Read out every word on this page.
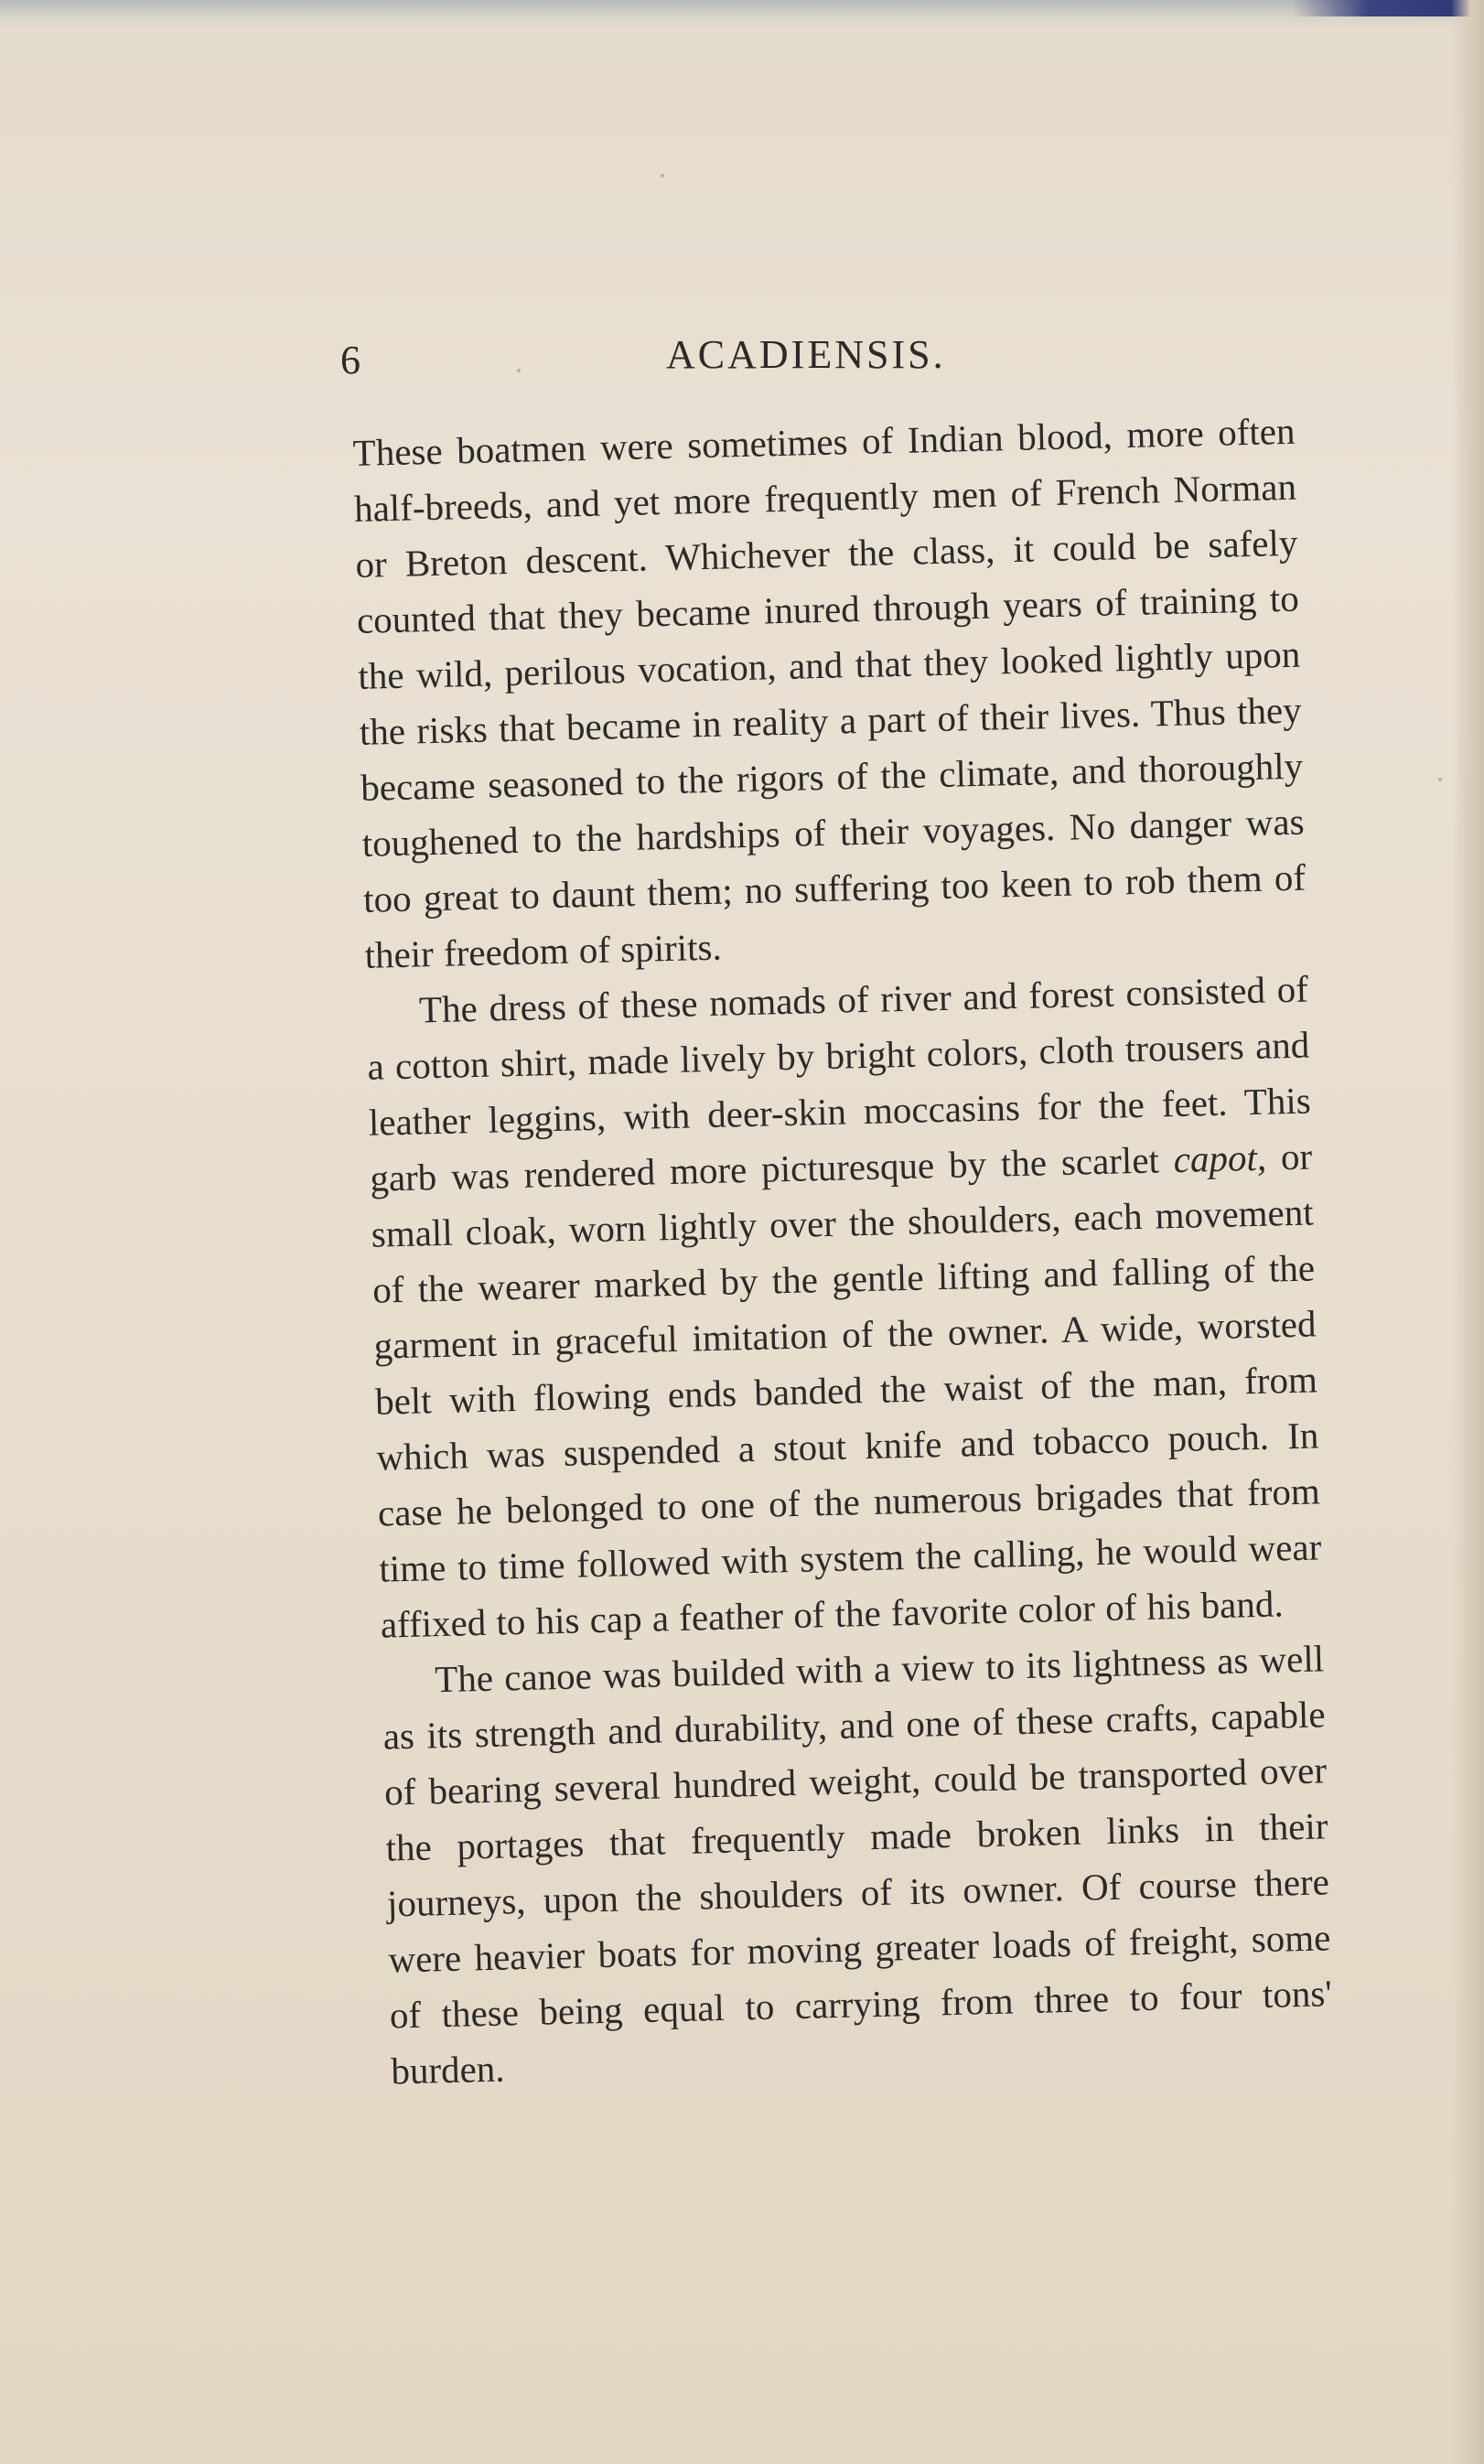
6	ACADIENSIS.

These boatmen were sometimes of Indian blood, more often half-breeds, and yet more frequently men of French Norman or Breton descent. Whichever the class, it could be safely counted that they became inured through years of training to the wild, perilous vocation, and that they looked lightly upon the risks that became in reality a part of their lives. Thus they became seasoned to the rigors of the climate, and thoroughly toughened to the hardships of their voyages. No danger was too great to daunt them; no suffering too keen to rob them of their freedom of spirits.

The dress of these nomads of river and forest consisted of a cotton shirt, made lively by bright colors, cloth trousers and leather leggins, with deer-skin moccasins for the feet. This garb was rendered more picturesque by the scarlet capot, or small cloak, worn lightly over the shoulders, each movement of the wearer marked by the gentle lifting and falling of the garment in graceful imitation of the owner. A wide, worsted belt with flowing ends banded the waist of the man, from which was suspended a stout knife and tobacco pouch. In case he belonged to one of the numerous brigades that from time to time followed with system the calling, he would wear affixed to his cap a feather of the favorite color of his band.

The canoe was builded with a view to its lightness as well as its strength and durability, and one of these crafts, capable of bearing several hundred weight, could be transported over the portages that frequently made broken links in their journeys, upon the shoulders of its owner. Of course there were heavier boats for moving greater loads of freight, some of these being equal to carrying from three to four tons' burden.
